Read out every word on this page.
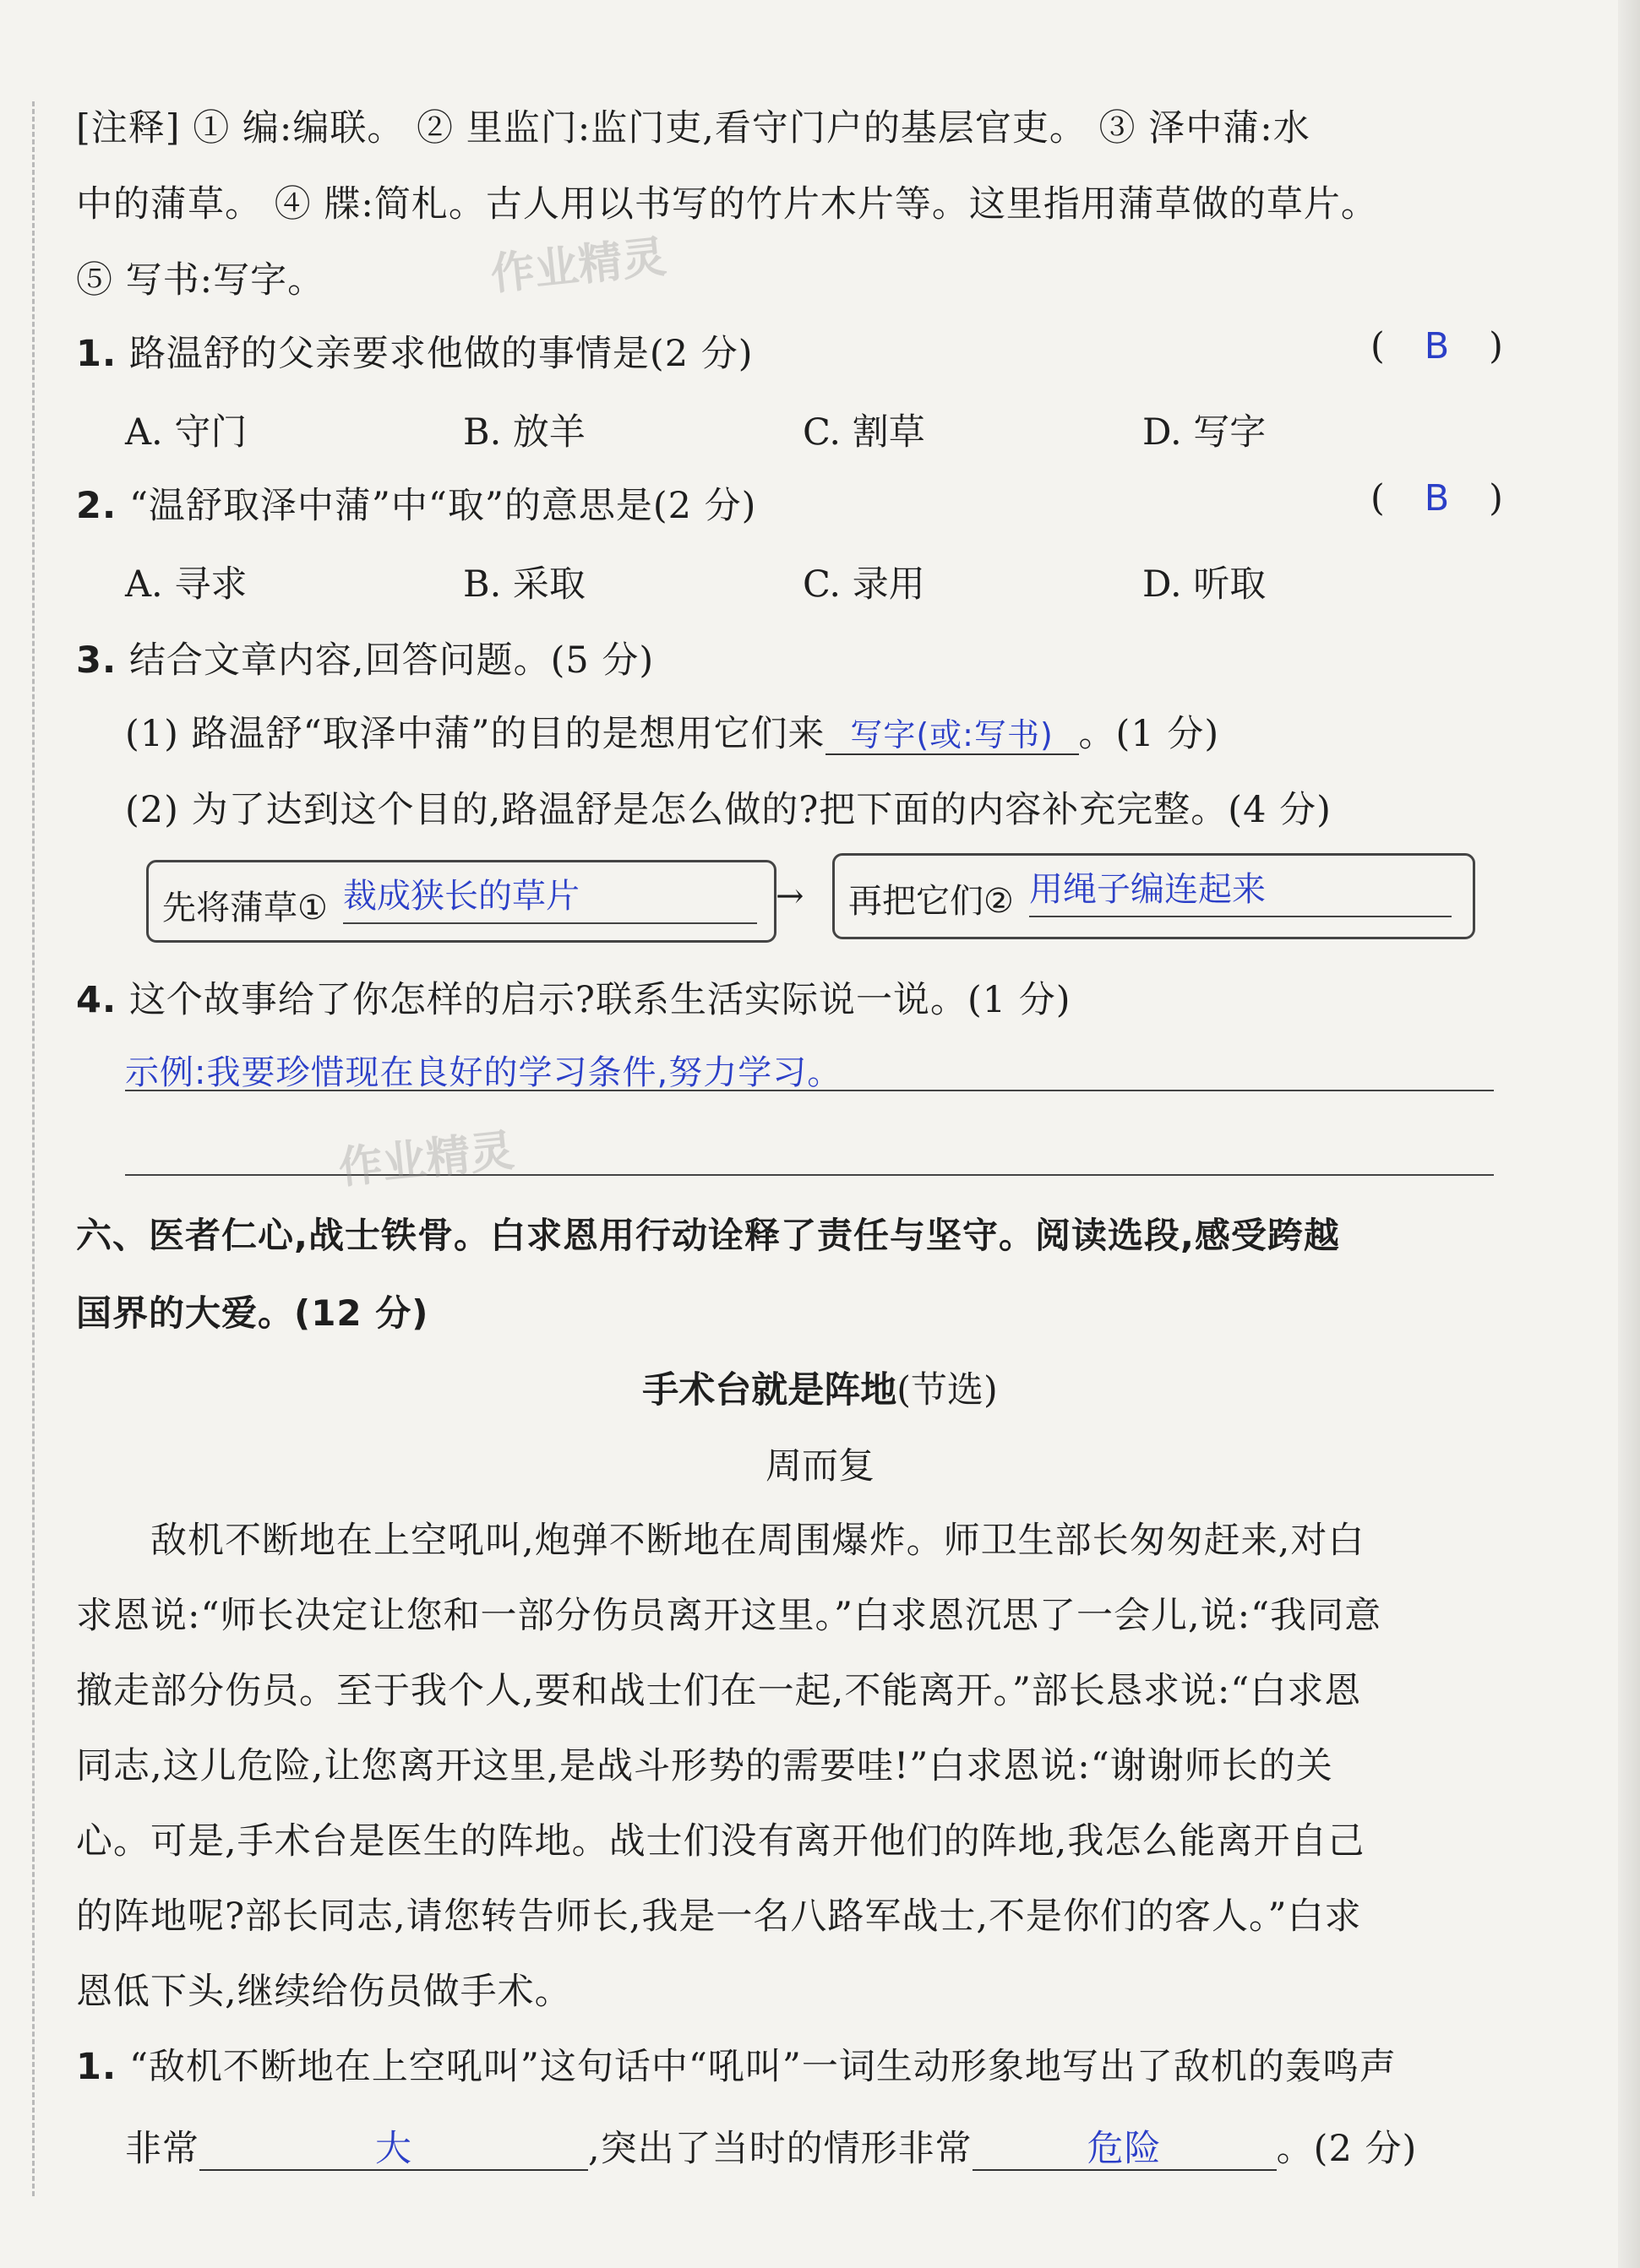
[注释] ① 编:编联。 ② 里监门:监门吏,看守门户的基层官吏。 ③ 泽中蒲:水
中的蒲草。 ④ 牒:简札。古人用以书写的竹片木片等。这里指用蒲草做的草片。
⑤ 写书:写字。	作业精灵
1. 路温舒的父亲要求他做的事情是(2 分)	( B )
A. 守门	B. 放羊	C. 割草	D. 写字
2. “温舒取泽中蒲”中“取”的意思是(2 分)	( B )
A. 寻求	B. 采取	C. 录用	D. 听取
3. 结合文章内容,回答问题。(5 分)
(1) 路温舒“取泽中蒲”的目的是想用它们来 写字(或:写书) 。(1 分)
(2) 为了达到这个目的,路温舒是怎么做的?把下面的内容补充完整。(4 分)
先将蒲草① 裁成狭长的草片	→ 再把它们② 用绳子编连起来
4. 这个故事给了你怎样的启示?联系生活实际说一说。(1 分)
示例:我要珍惜现在良好的学习条件,努力学习。
作业精灵
六、医者仁心,战士铁骨。白求恩用行动诠释了责任与坚守。阅读选段,感受跨越
国界的大爱。(12 分)
手术台就是阵地(节选)
周而复
　　敌机不断地在上空吼叫,炮弹不断地在周围爆炸。师卫生部长匆匆赶来,对白
求恩说:“师长决定让您和一部分伤员离开这里。”白求恩沉思了一会儿,说:“我同意
撤走部分伤员。至于我个人,要和战士们在一起,不能离开。”部长恳求说:“白求恩
同志,这儿危险,让您离开这里,是战斗形势的需要哇!”白求恩说:“谢谢师长的关
心。可是,手术台是医生的阵地。战士们没有离开他们的阵地,我怎么能离开自己
的阵地呢?部长同志,请您转告师长,我是一名八路军战士,不是你们的客人。”白求
恩低下头,继续给伤员做手术。
1. “敌机不断地在上空吼叫”这句话中“吼叫”一词生动形象地写出了敌机的轰鸣声
非常	大	,突出了当时的情形非常	危险	。(2 分)
